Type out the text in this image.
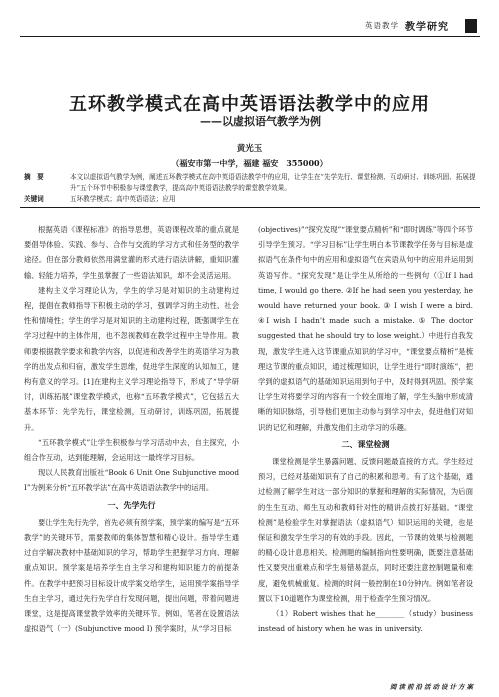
英语教学 教学研究
五环教学模式在高中英语语法教学中的应用
——以虚拟语气教学为例
黄光玉
（福安市第一中学，福建 福安　355000）
摘　要	本文以虚拟语气教学为例，阐述五环教学模式在高中英语语法教学中的应用，让学生在“先学先行、课堂检测、互动研讨、训练巩固、拓展提升”五个环节中积极参与课堂教学，提高高中英语语法教学的课堂教学效果。
关键词	五环教学模式；高中英语语法；应用

根据英语《课程标准》的指导思想，英语课程改革的重点就是要倡导体验、实践、参与、合作与交流的学习方式和任务型的教学途径。但在部分教师依然用满堂灌的形式进行语法讲解，重知识灌输、轻能力培养，学生虽掌握了一些语法知识，却不会灵活运用。

建构主义学习理论认为，学生的学习是对知识的主动建构过程，提倡在教师指导下积极主动的学习，强调学习的主动性、社会性和情境性；学生的学习是对知识的主动建构过程，既强调学生在学习过程中的主体作用，也不忽视教师在教学过程中主导作用。教师要根据教学要求和教学内容，以促进和改善学生的英语学习为教学的出发点和归宿，激发学生思维，促进学生深度的认知加工，建构有意义的学习。[1]在建构主义学习理论指导下，形成了“导学研讨，训练拓展”课堂教学模式，也称“五环教学模式”，它包括五大基本环节：先学先行，课堂检测，互动研讨，训练巩固，拓展提升。

“五环教学模式”让学生积极参与学习活动中去，自主探究，小组合作互动，达到能理解，会运用这一最终学习目标。

现以人民教育出版社“Book 6 Unit One Subjunctive mood I”为例来分析“五环教学法”在高中英语语法教学中的运用。

一、先学先行

要让学生先行先学，首先必须有预学案，预学案的编写是“五环教学”的关键环节，需要教师的集体智慧和精心设计。指导学生通过自学解决教材中基础知识的学习，帮助学生把握学习方向、理解重点知识。预学案是培养学生自主学习和建构知识能力的前提条件。在教学中把预习目标设计成学案交给学生，运用预学案指导学生自主学习，通过先行先学自行发现问题，提出问题，带着问题进课堂，这是提高课堂教学效率的关键环节。例如，笔者在设置语法虚拟语气（一）(Subjunctive mood I) 预学案时，从“学习目标

(objectives)”“探究发现”“课堂要点精析”和“即时调练”等四个环节引导学生预习。“学习目标”让学生明白本节课教学任务与目标是虚拟语气在条件句中的应用和虚拟语气在宾语从句中的应用并运用到英语写作。“探究发现”是让学生从所给的一些例句（①If I had time, I would go there. ②If he had seen you yesterday, he would have returned your book. ③ I wish I were a bird. ④I wish I hadn’t made such a mistake. ⑤ The doctor suggested that he should try to lose weight.）中进行自我发现，激发学生进入这节课重点知识的学习中，“课堂要点精析”是梳理这节课的重点知识，通过梳理知识，让学生进行“即时演练”，把学到的虚拟语气的基础知识运用到句子中，及时得到巩固。预学案让学生对将要学习的内容有一个较全面地了解，学生头脑中形成清晰的知识脉络，引导他们更加主动参与到学习中去，促进他们对知识的记忆和理解，并激发他们主动学习的乐趣。

二、课堂检测

课堂检测是学生暴露问题、反馈问题最直接的方式。学生经过预习，已经对基础知识有了自己的积累和思考。有了这个基础，通过检测了解学生对这一部分知识的掌握和理解的实际情况，为后面的生生互动、师生互动和教师针对性的精讲点拨打好基础。“课堂检测”是检验学生对掌握语法（虚拟语气）知识运用的关键，也是保证和激发学生学习的有效的手段。因此，一节课的效果与检测题的精心设计息息相关。检测题的编制指向性要明确，既要注意基础性又要突出重难点和学生易错易混点，同时还要注意控制题量和难度，避免机械重复。检测的时间一般控制在10分钟内。例如笔者设置以下10道题作为课堂检测，用于检查学生预习情况。

（1）Robert wishes that he________（study）business instead of history when he was in university.

阅读前沿活动设计方案
